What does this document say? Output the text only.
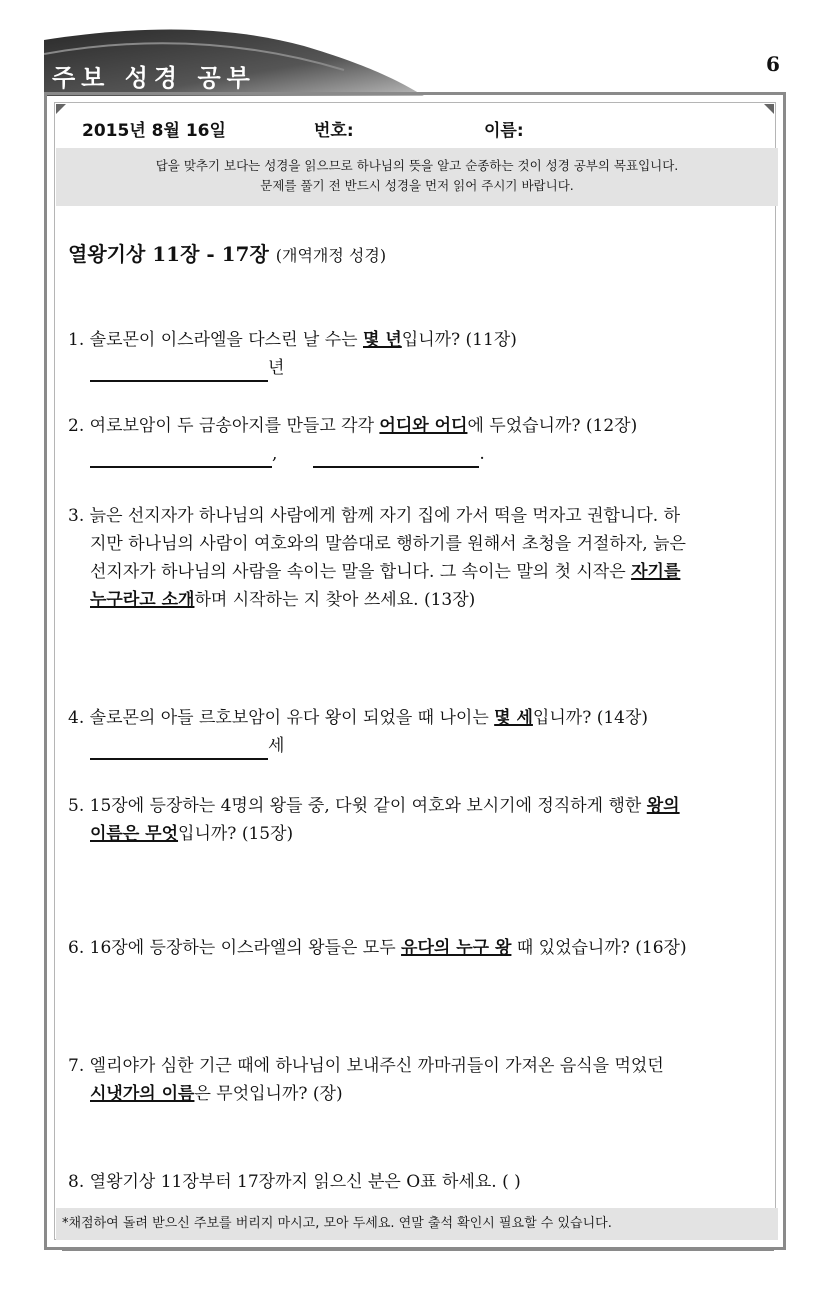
주보 성경 공부	6
2015년 8월 16일	번호:	이름:
답을 맞추기 보다는 성경을 읽으므로 하나님의 뜻을 알고 순종하는 것이 성경 공부의 목표입니다.
문제를 풀기 전 반드시 성경을 먼저 읽어 주시기 바랍니다.
열왕기상 11장 - 17장 (개역개정 성경)
1. 솔로몬이 이스라엘을 다스린 날 수는 몇 년입니까? (11장)
년
2. 여로보암이 두 금송아지를 만들고 각각 어디와 어디에 두었습니까? (12장)
,	.
3. 늙은 선지자가 하나님의 사람에게 함께 자기 집에 가서 떡을 먹자고 권합니다. 하
지만 하나님의 사람이 여호와의 말씀대로 행하기를 원해서 초청을 거절하자, 늙은
선지자가 하나님의 사람을 속이는 말을 합니다. 그 속이는 말의 첫 시작은 자기를
누구라고 소개하며 시작하는 지 찾아 쓰세요. (13장)
4. 솔로몬의 아들 르호보암이 유다 왕이 되었을 때 나이는 몇 세입니까? (14장)
세
5. 15장에 등장하는 4명의 왕들 중, 다윗 같이 여호와 보시기에 정직하게 행한 왕의
이름은 무엇입니까? (15장)
6. 16장에 등장하는 이스라엘의 왕들은 모두 유다의 누구 왕 때 있었습니까? (16장)
7. 엘리야가 심한 기근 때에 하나님이 보내주신 까마귀들이 가져온 음식을 먹었던
시냇가의 이름은 무엇입니까? (장)
8. 열왕기상 11장부터 17장까지 읽으신 분은 O표 하세요. ( )
*채점하여 돌려 받으신 주보를 버리지 마시고, 모아 두세요. 연말 출석 확인시 필요할 수 있습니다.
